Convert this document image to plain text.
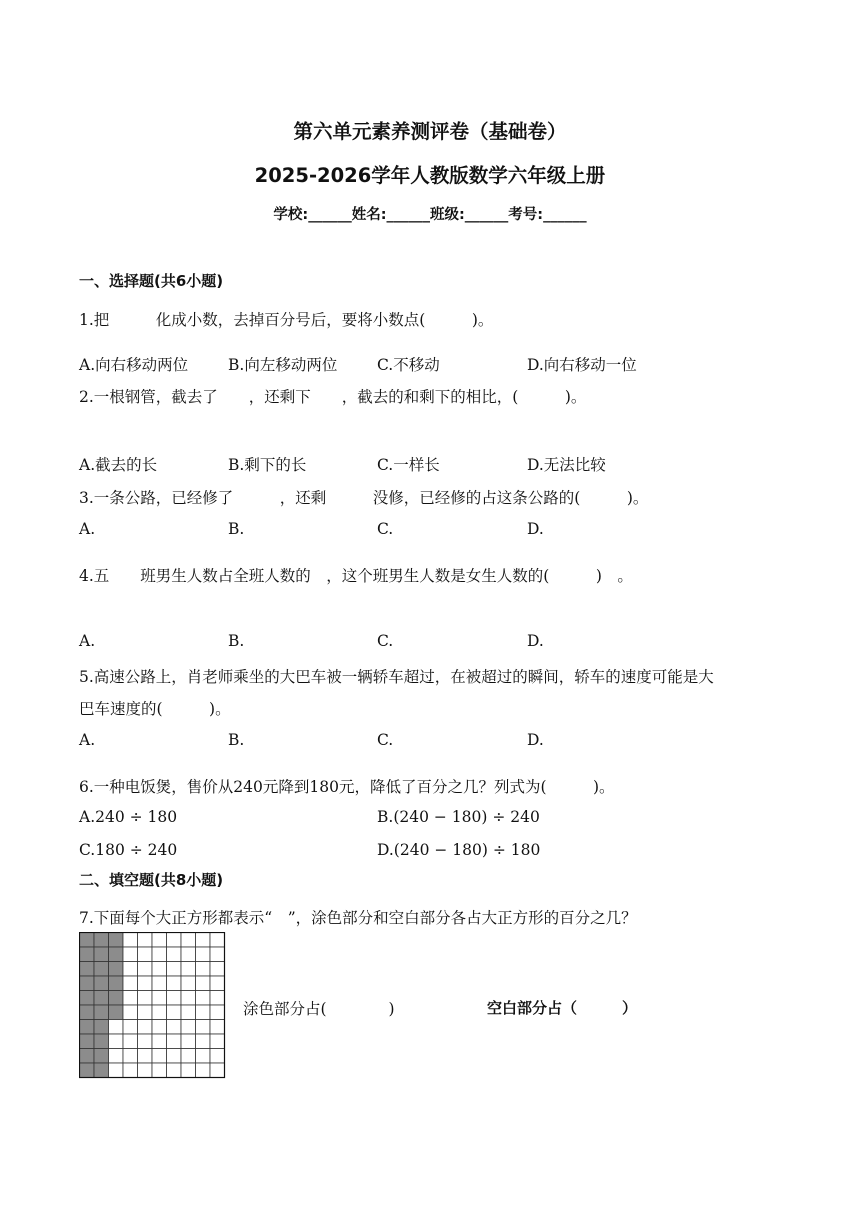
第六单元素养测评卷（基础卷）
2025-2026学年人教版数学六年级上册
学校:______姓名:______班级:______考号:______
一、选择题(共6小题)
1.把　　　化成小数，去掉百分号后，要将小数点(　　　)。
A.向右移动两位	B.向左移动两位	C.不移动	D.向右移动一位
2.一根钢管，截去了　　，还剩下　　，截去的和剩下的相比，(　　　)。
A.截去的长	B.剩下的长	C.一样长	D.无法比较
3.一条公路，已经修了　　　，还剩　　　没修，已经修的占这条公路的(　　　)。
A.	B.	C.	D.
4.五　　班男生人数占全班人数的　，这个班男生人数是女生人数的(　　　)　。
A.	B.	C.	D.
5.高速公路上，肖老师乘坐的大巴车被一辆轿车超过，在被超过的瞬间，轿车的速度可能是大
巴车速度的(　　　)。
A.	B.	C.	D.
6.一种电饭煲，售价从240元降到180元，降低了百分之几？列式为(　　　)。
A.240 ÷ 180	B.(240 − 180) ÷ 240
C.180 ÷ 240	D.(240 − 180) ÷ 180
二、填空题(共8小题)
7.下面每个大正方形都表示“　”，涂色部分和空白部分各占大正方形的百分之几？
涂色部分占(　　　　)	空白部分占（　　　）
